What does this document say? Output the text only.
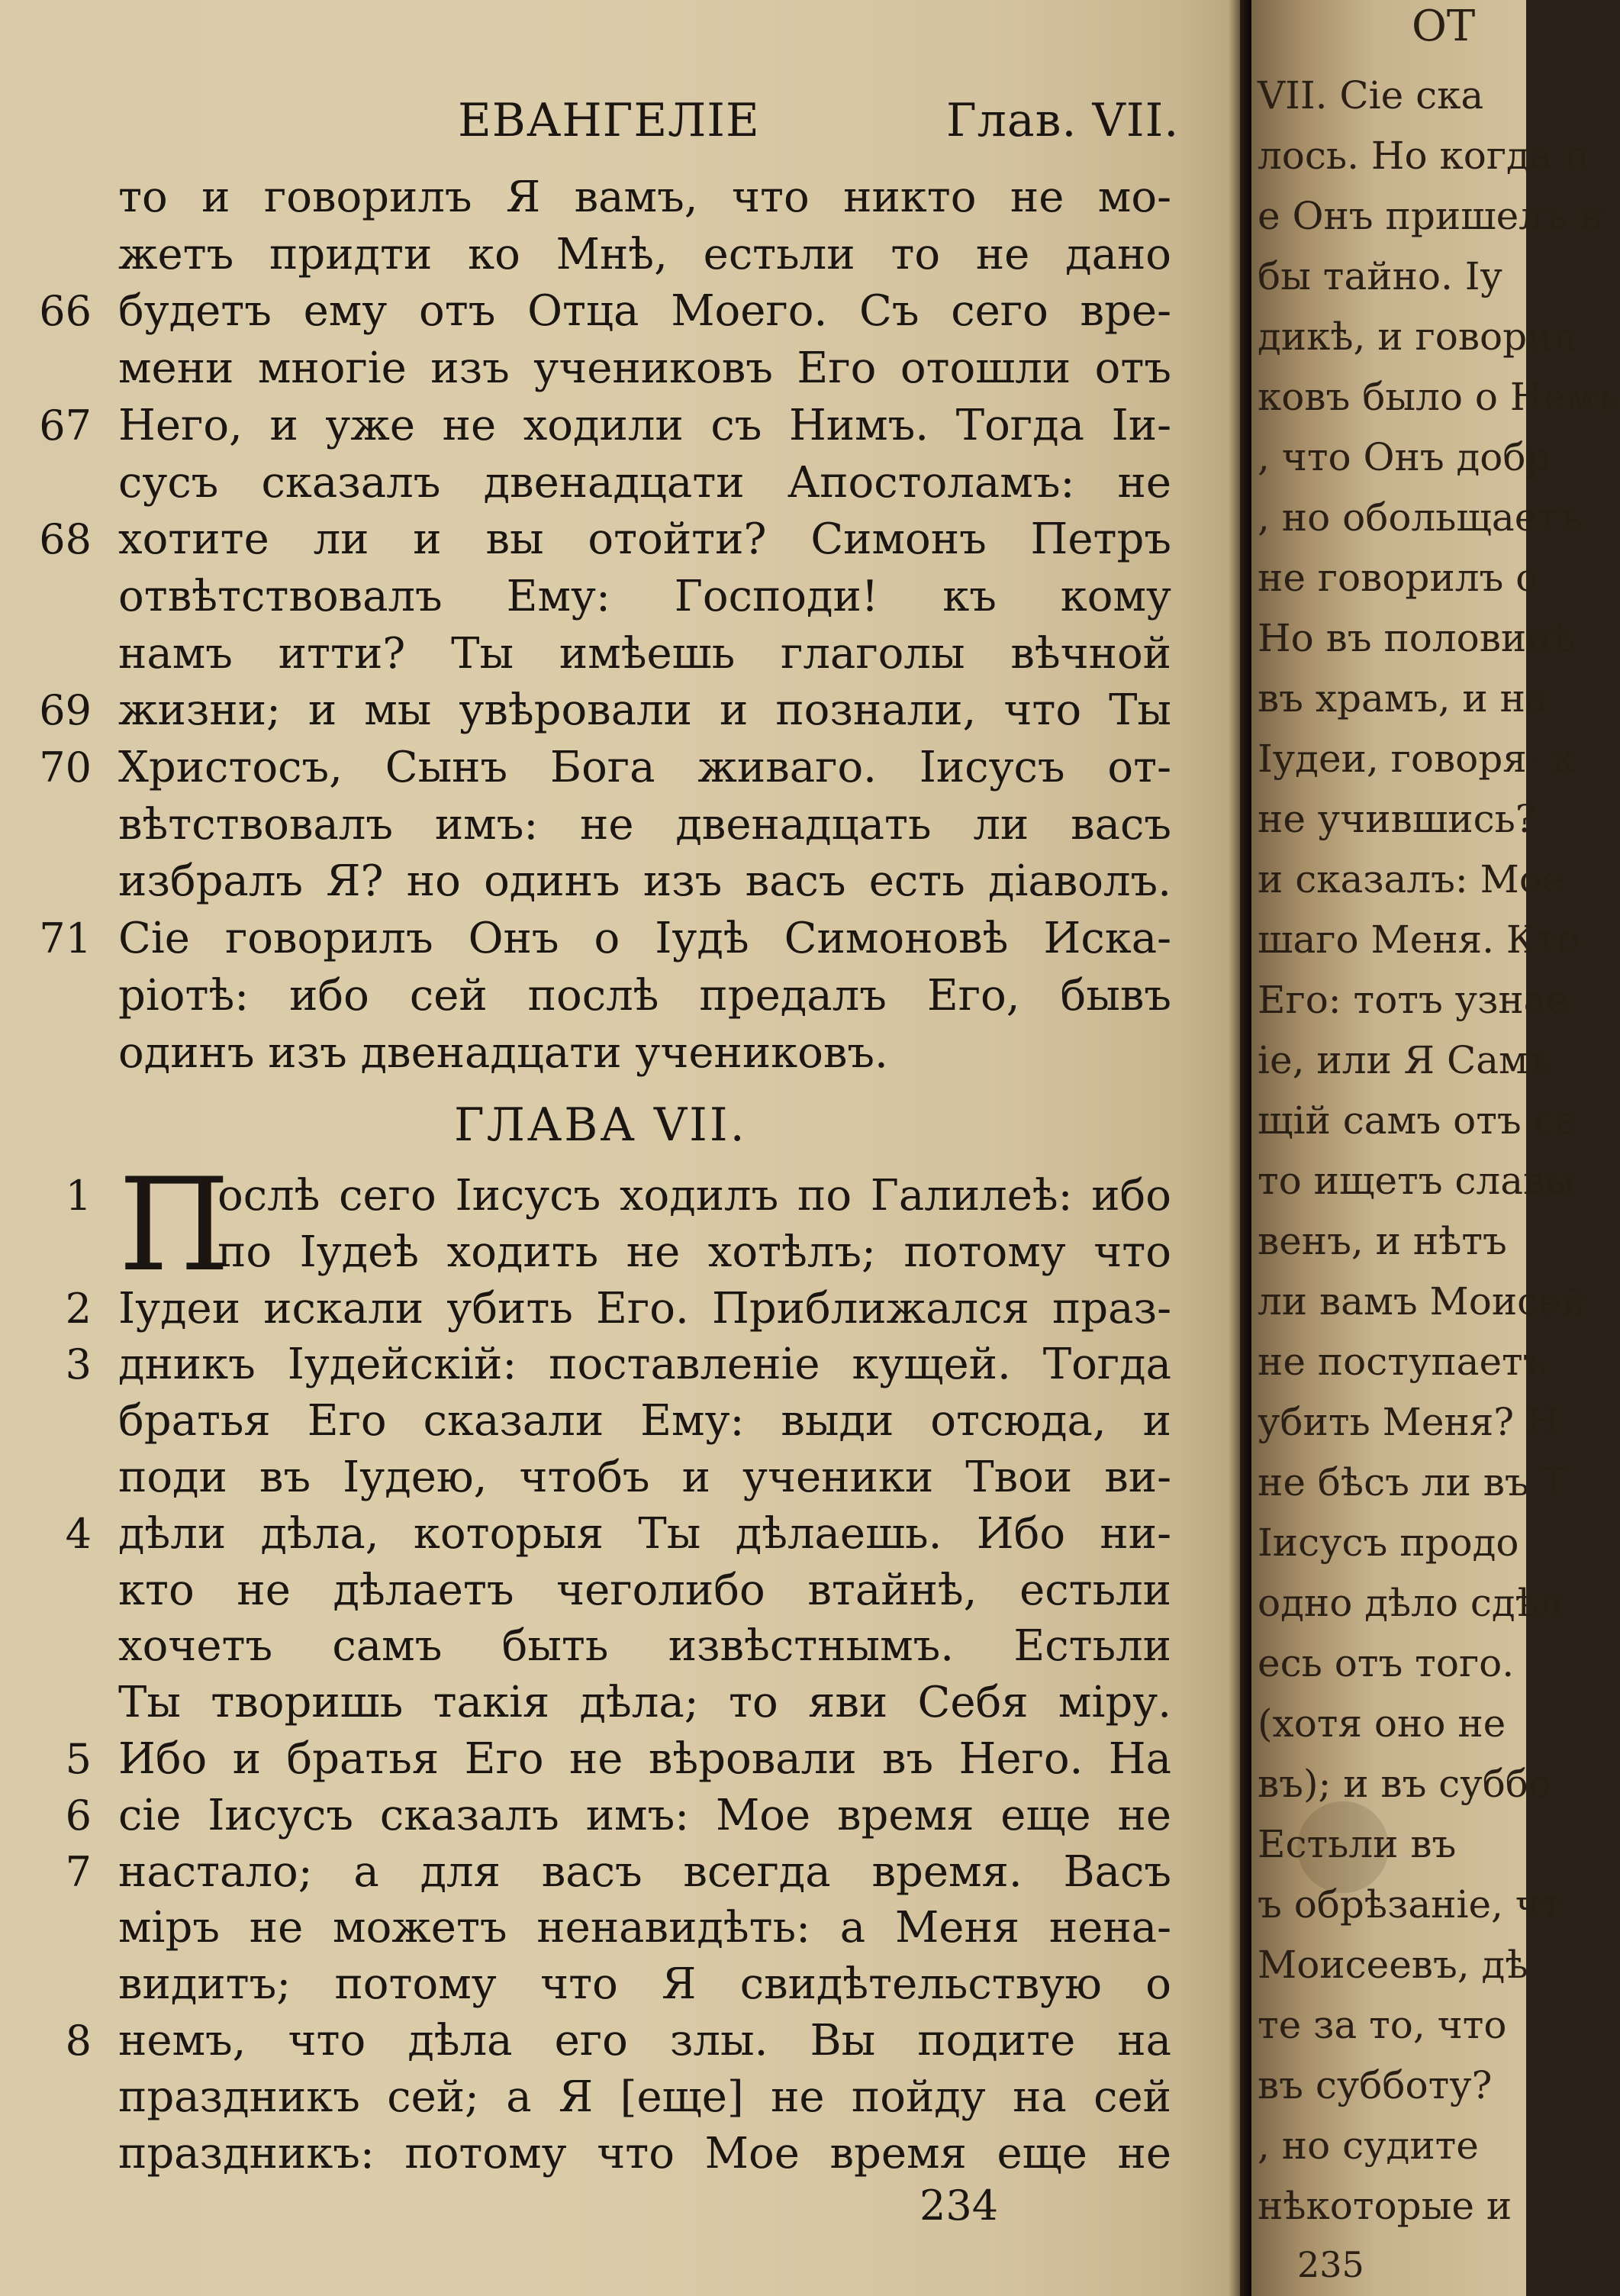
ЕВАНГЕЛІЕ	Глав. VII.
то и говорилъ Я вамъ, что никто не мо-
жетъ придти ко Мнѣ, естьли то не дано
66 будетъ ему отъ Отца Моего. Съ сего вре-
мени многіе изъ учениковъ Его отошли отъ
67 Него, и уже не ходили съ Нимъ. Тогда Іи-
сусъ сказалъ двенадцати Апостоламъ: не
68 хотите ли и вы отойти? Симонъ Петръ
отвѣтствовалъ Ему: Господи! къ кому
намъ итти? Ты имѣешь глаголы вѣчной
69 жизни; и мы увѣровали и познали, что Ты
70 Христосъ, Сынъ Бога живаго. Іисусъ от-
вѣтствовалъ имъ: не двенадцать ли васъ
избралъ Я? но одинъ изъ васъ есть діаволъ.
71 Сіе говорилъ Онъ о Іудѣ Симоновѣ Иска-
ріотѣ: ибо сей послѣ предалъ Его, бывъ
одинъ изъ двенадцати учениковъ.
ГЛАВА VII.
П
1	ослѣ сего Іисусъ ходилъ по Галилеѣ: ибо
по Іудеѣ ходить не хотѣлъ; потому что
2 Іудеи искали убить Его. Приближался праз-
3 дникъ Іудейскій: поставленіе кущей. Тогда
братья Его сказали Ему: выди отсюда, и
поди въ Іудею, чтобъ и ученики Твои ви-
4 дѣли дѣла, которыя Ты дѣлаешь. Ибо ни-
кто не дѣлаетъ чеголибо втайнѣ, естьли
хочетъ самъ быть извѣстнымъ. Естьли
Ты творишь такія дѣла; то яви Себя міру.
5 Ибо и братья Его не вѣровали въ Него. На
6 сіе Іисусъ сказалъ имъ: Мое время еще не
7 настало; а для васъ всегда время. Васъ
міръ не можетъ ненавидѣть: а Меня нена-
видитъ; потому что Я свидѣтельствую о
8 немъ, что дѣла его злы. Вы подите на
праздникъ сей; а Я [еще] не пойду на сей
праздникъ: потому что Мое время еще не
234
ОТ
VII. Сіе ска
лось. Но когда п
е Онъ пришелъ н
бы тайно. Іу
дикѣ, и говорил
ковъ было о Немъ
, что Онъ добр
, но обольщаетъ
не говорилъ о
Но въ половинѣ
въ храмъ, и на
Іудеи, говоря: к
не учившись?
и сказалъ: Мое
шаго Меня. Кто
Его: тотъ узнае
іе, или Я Самъ
щій самъ отъ се
то ищетъ славы
венъ, и нѣтъ
ли вамъ Моисей
не поступаетъ
убить Меня? Н
не бѣсъ ли въ Т
Іисусъ продо
одно дѣло сдѣл
есь отъ того.
(хотя оно не
въ); и въ суббо
Естьли въ
ъ обрѣзаніе, чт
Моисеевъ, дѣ
те за то, что
въ субботу?
, но судите
нѣкоторые и
235
